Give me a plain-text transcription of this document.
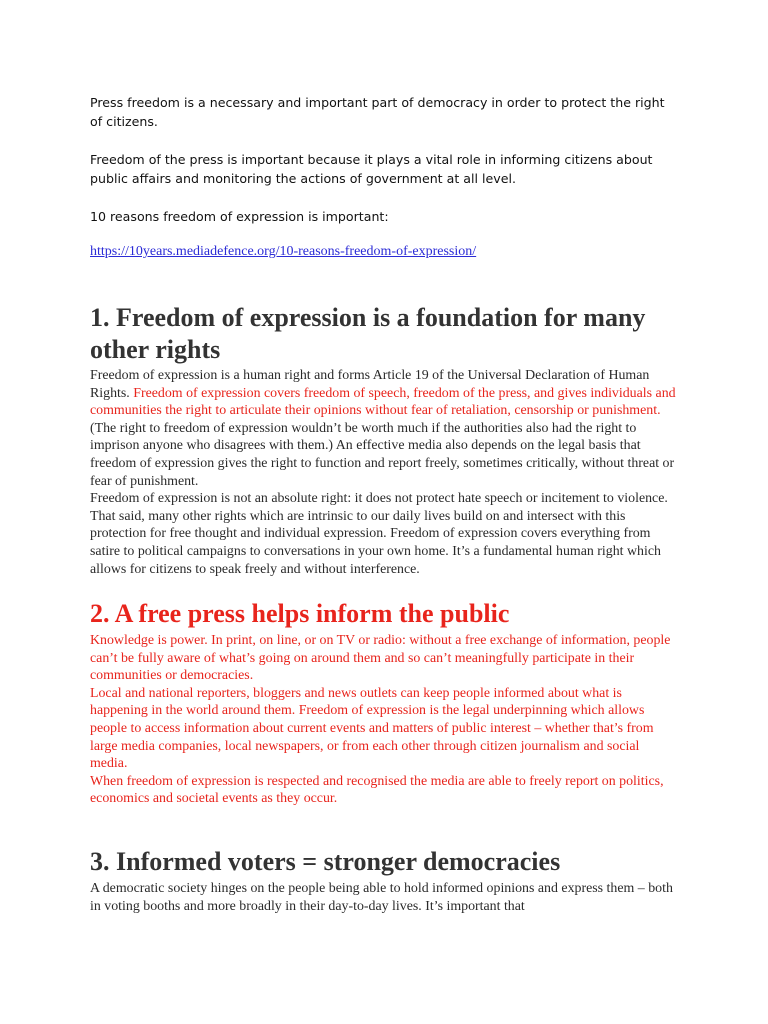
Press freedom is a necessary and important part of democracy in order to protect the right of citizens.

Freedom of the press is important because it plays a vital role in informing citizens about public affairs and monitoring the actions of government at all level.

10 reasons freedom of expression is important:

https://10years.mediadefence.org/10-reasons-freedom-of-expression/
1. Freedom of expression is a foundation for many other rights

Freedom of expression is a human right and forms Article 19 of the Universal Declaration of Human Rights. Freedom of expression covers freedom of speech, freedom of the press, and gives individuals and communities the right to articulate their opinions without fear of retaliation, censorship or punishment. (The right to freedom of expression wouldn’t be worth much if the authorities also had the right to imprison anyone who disagrees with them.) An effective media also depends on the legal basis that freedom of expression gives the right to function and report freely, sometimes critically, without threat or fear of punishment.

Freedom of expression is not an absolute right: it does not protect hate speech or incitement to violence. That said, many other rights which are intrinsic to our daily lives build on and intersect with this protection for free thought and individual expression. Freedom of expression covers everything from satire to political campaigns to conversations in your own home. It’s a fundamental human right which allows for citizens to speak freely and without interference.

2. A free press helps inform the public

Knowledge is power. In print, on line, or on TV or radio: without a free exchange of information, people can’t be fully aware of what’s going on around them and so can’t meaningfully participate in their communities or democracies.

Local and national reporters, bloggers and news outlets can keep people informed about what is happening in the world around them. Freedom of expression is the legal underpinning which allows people to access information about current events and matters of public interest – whether that’s from large media companies, local newspapers, or from each other through citizen journalism and social media.

When freedom of expression is respected and recognised the media are able to freely report on politics, economics and societal events as they occur.

3. Informed voters = stronger democracies

A democratic society hinges on the people being able to hold informed opinions and express them – both in voting booths and more broadly in their day-to-day lives. It’s important that
